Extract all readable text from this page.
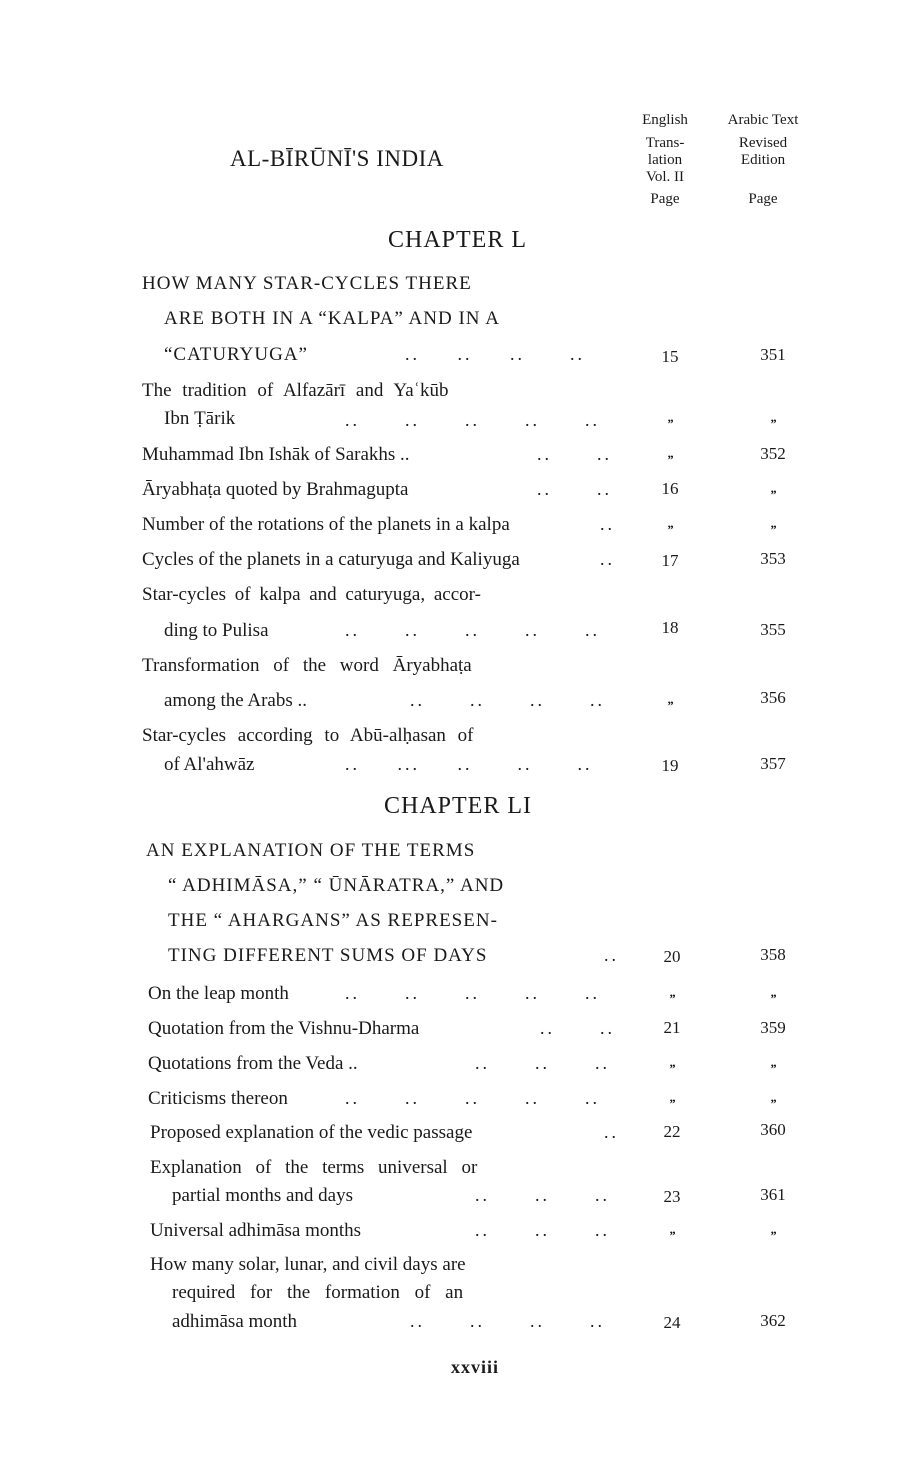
AL-BĪRŪNĪ'S INDIA
English
Trans-
lation
Vol. II
Page
Arabic Text
Revised
Edition
Page
CHAPTER L
HOW MANY STAR-CYCLES THERE
ARE BOTH IN A “KALPA” AND IN A
“CATURYUGA”	..     ..     ..      ..	15	351
The tradition of Alfazārī and Yaʿkūb
Ibn Ṭārik	..      ..      ..      ..      ..	”	”
Muhammad Ibn Ishāk of Sarakhs ..	..      ..	”	352
Āryabhaṭa quoted by Brahmagupta	..      ..	16	”
Number of the rotations of the planets in a kalpa	..	”	”
Cycles of the planets in a caturyuga and Kaliyuga	..	17	353
Star-cycles of kalpa and caturyuga, accor-
ding to Pulisa	..      ..      ..      ..      ..	18	355
Transformation of the word Āryabhaṭa
among the Arabs ..	..      ..      ..      ..	”	356
Star-cycles according to Abū-alḥasan of
of Al'ahwāz	..     ...     ..      ..      ..	19	357
CHAPTER LI
AN EXPLANATION OF THE TERMS
“ ADHIMĀSA,” “ ŪNĀRATRA,” AND
THE “ AHARGANS” AS REPRESEN-
TING DIFFERENT SUMS OF DAYS	..	20	358
On the leap month	..      ..      ..      ..      ..	”	”
Quotation from the Vishnu-Dharma	..      ..	21	359
Quotations from the Veda ..	..      ..      ..	”	”
Criticisms thereon	..      ..      ..      ..      ..	”	”
Proposed explanation of the vedic passage	..	22	360
Explanation of the terms universal or
partial months and days	..      ..      ..	23	361
Universal adhimāsa months	..      ..      ..	”	”
How many solar, lunar, and civil days are
required for the formation of an
adhimāsa month	..      ..      ..      ..	24	362
xxviii
